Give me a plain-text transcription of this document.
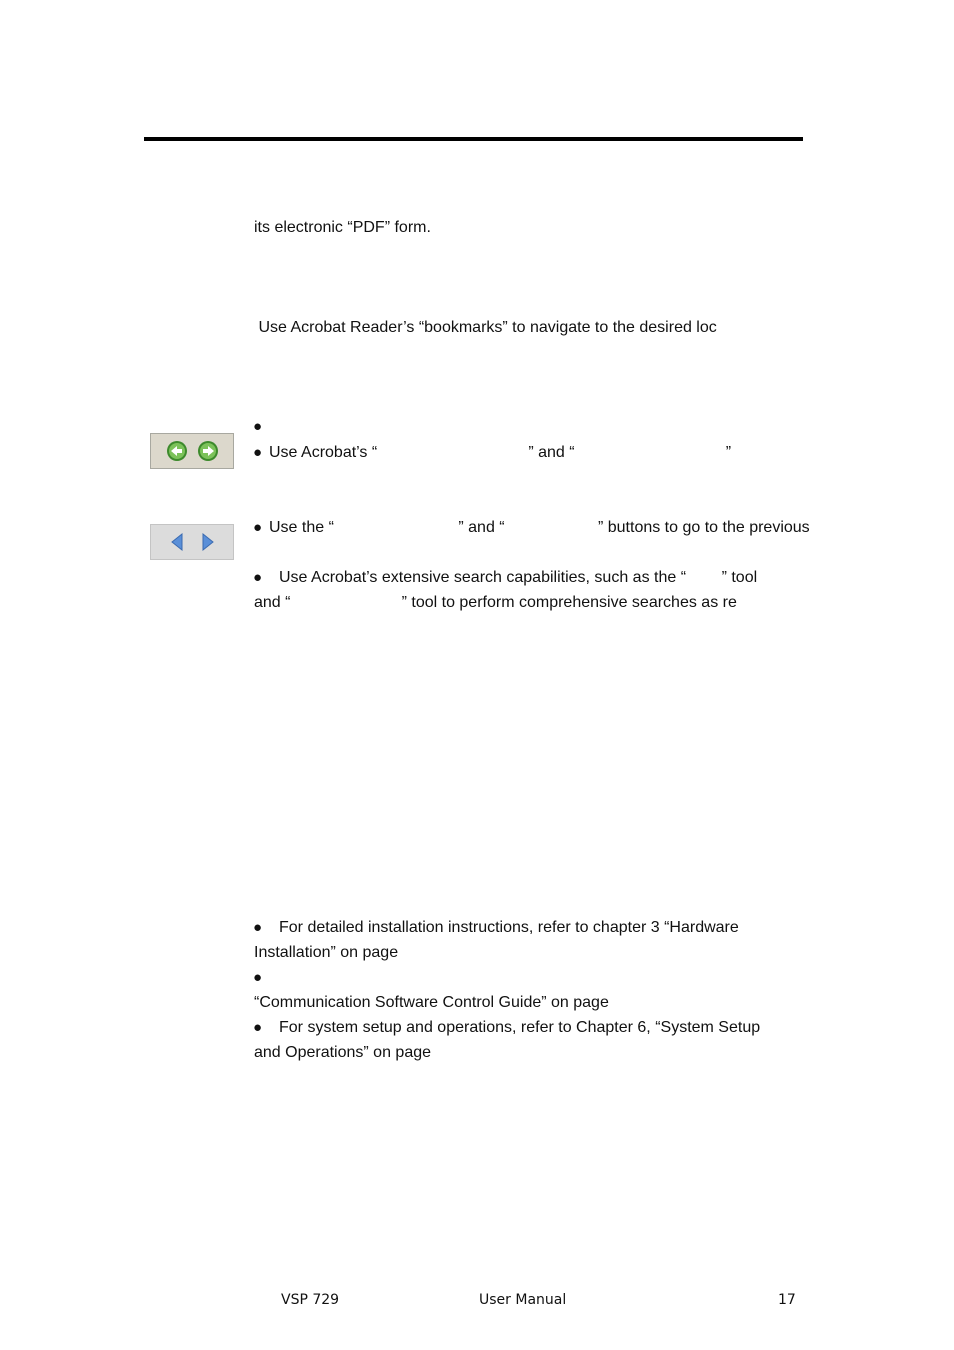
its electronic “PDF” form.

Use Acrobat Reader’s “bookmarks” to navigate to the desired loc

●
● Use Acrobat’s “                                  ” and “                                  ”

● Use the “                            ” and “                     ” buttons to go to the previous

● Use Acrobat’s extensive search capabilities, such as the “        ” tool

and “                         ” tool to perform comprehensive searches as re

● For detailed installation instructions, refer to chapter 3 “Hardware

Installation” on page

●

“Communication Software Control Guide” on page

● For system setup and operations, refer to Chapter 6, “System Setup

and Operations” on page

VSP 729	User Manual	17
